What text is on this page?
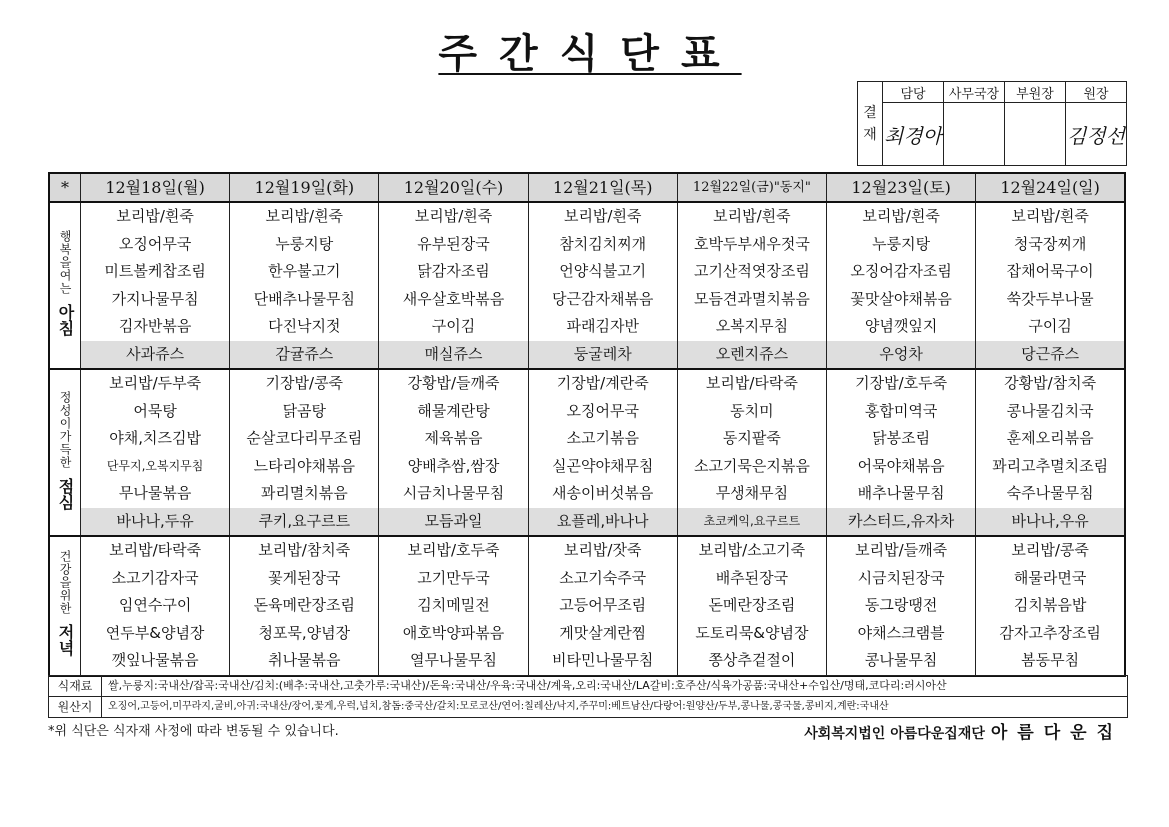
주간식단표
결재	담당	사무국장	부원장	원장
	최경아			김정선
*	12월18일(월)	12월19일(화)	12월20일(수)	12월21일(목)	12월22일(금)"동지"	12월23일(토)	12월24일(일)
행복을여는
아침	보리밥/흰죽	보리밥/흰죽	보리밥/흰죽	보리밥/흰죽	보리밥/흰죽	보리밥/흰죽	보리밥/흰죽
	오징어무국	누룽지탕	유부된장국	참치김치찌개	호박두부새우젓국	누룽지탕	청국장찌개
	미트볼케찹조림	한우불고기	닭감자조림	언양식불고기	고기산적엿장조림	오징어감자조림	잡채어묵구이
	가지나물무침	단배추나물무침	새우살호박볶음	당근감자채볶음	모듬견과멸치볶음	꽃맛살야채볶음	쑥갓두부나물
	김자반볶음	다진낙지젓	구이김	파래김자반	오복지무침	양념깻잎지	구이김
	사과쥬스	감귤쥬스	매실쥬스	둥굴레차	오렌지쥬스	우엉차	당근쥬스
정성이가득한
점심	보리밥/두부죽	기장밥/콩죽	강황밥/들깨죽	기장밥/계란죽	보리밥/타락죽	기장밥/호두죽	강황밥/참치죽
	어묵탕	닭곰탕	해물계란탕	오징어무국	동치미	홍합미역국	콩나물김치국
	야채,치즈김밥	순살코다리무조림	제육볶음	소고기볶음	동지팥죽	닭봉조림	훈제오리볶음
	단무지,오복지무침	느타리야채볶음	양배추쌈,쌈장	실곤약야채무침	소고기묵은지볶음	어묵야채볶음	꽈리고추멸치조림
	무나물볶음	꽈리멸치볶음	시금치나물무침	새송이버섯볶음	무생채무침	배추나물무침	숙주나물무침
	바나나,두유	쿠키,요구르트	모듬과일	요플레,바나나	초코케익,요구르트	카스터드,유자차	바나나,우유
건강을위한
저녁	보리밥/타락죽	보리밥/참치죽	보리밥/호두죽	보리밥/잣죽	보리밥/소고기죽	보리밥/들깨죽	보리밥/콩죽
	소고기감자국	꽃게된장국	고기만두국	소고기숙주국	배추된장국	시금치된장국	해물라면국
	임연수구이	돈육메란장조림	김치메밀전	고등어무조림	돈메란장조림	동그랑땡전	김치볶음밥
	연두부&양념장	청포묵,양념장	애호박양파볶음	게맛살계란찜	도토리묵&양념장	야채스크램블	감자고추장조림
	깻잎나물볶음	취나물볶음	열무나물무침	비타민나물무침	쫑상추겉절이	콩나물무침	봄동무침
식재료	쌀,누룽지:국내산/잡곡:국내산/김치:(배추:국내산,고춧가루:국내산)/돈육:국내산/우육:국내산/계육,오리:국내산/LA갈비:호주산/식육가공품:국내산+수입산/명태,코다리:러시아산
원산지	오징어,고등어,미꾸라지,굴비,아귀:국내산/장어,꽃게,우럭,넙치,참돔:중국산/갈치:모로코산/연어:칠레산/낙지,주꾸미:베트남산/다랑어:원양산/두부,콩나물,콩국물,콩비지,계란:국내산
*위 식단은 식자재 사정에 따라 변동될 수 있습니다.	사회복지법인 아름다운집재단 아름다운집
